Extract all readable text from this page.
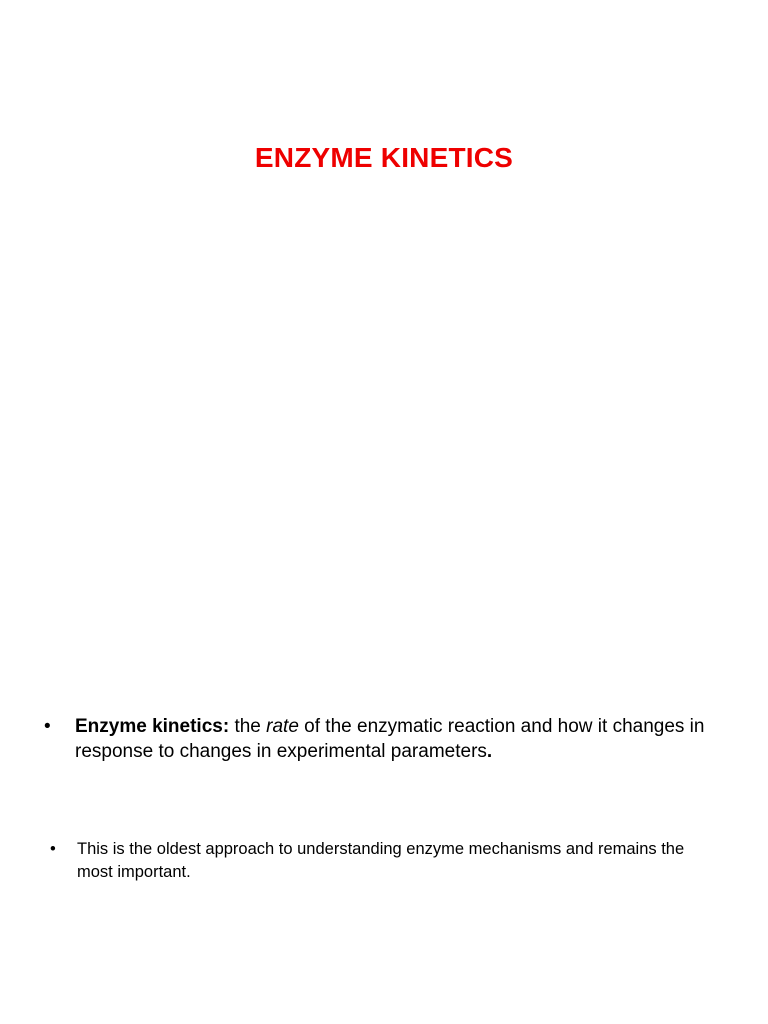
ENZYME KINETICS
•	Enzyme kinetics: the rate of the enzymatic reaction and how it changes in response to changes in experimental parameters.
•	This is the oldest approach to understanding enzyme mechanisms and remains the most important.
